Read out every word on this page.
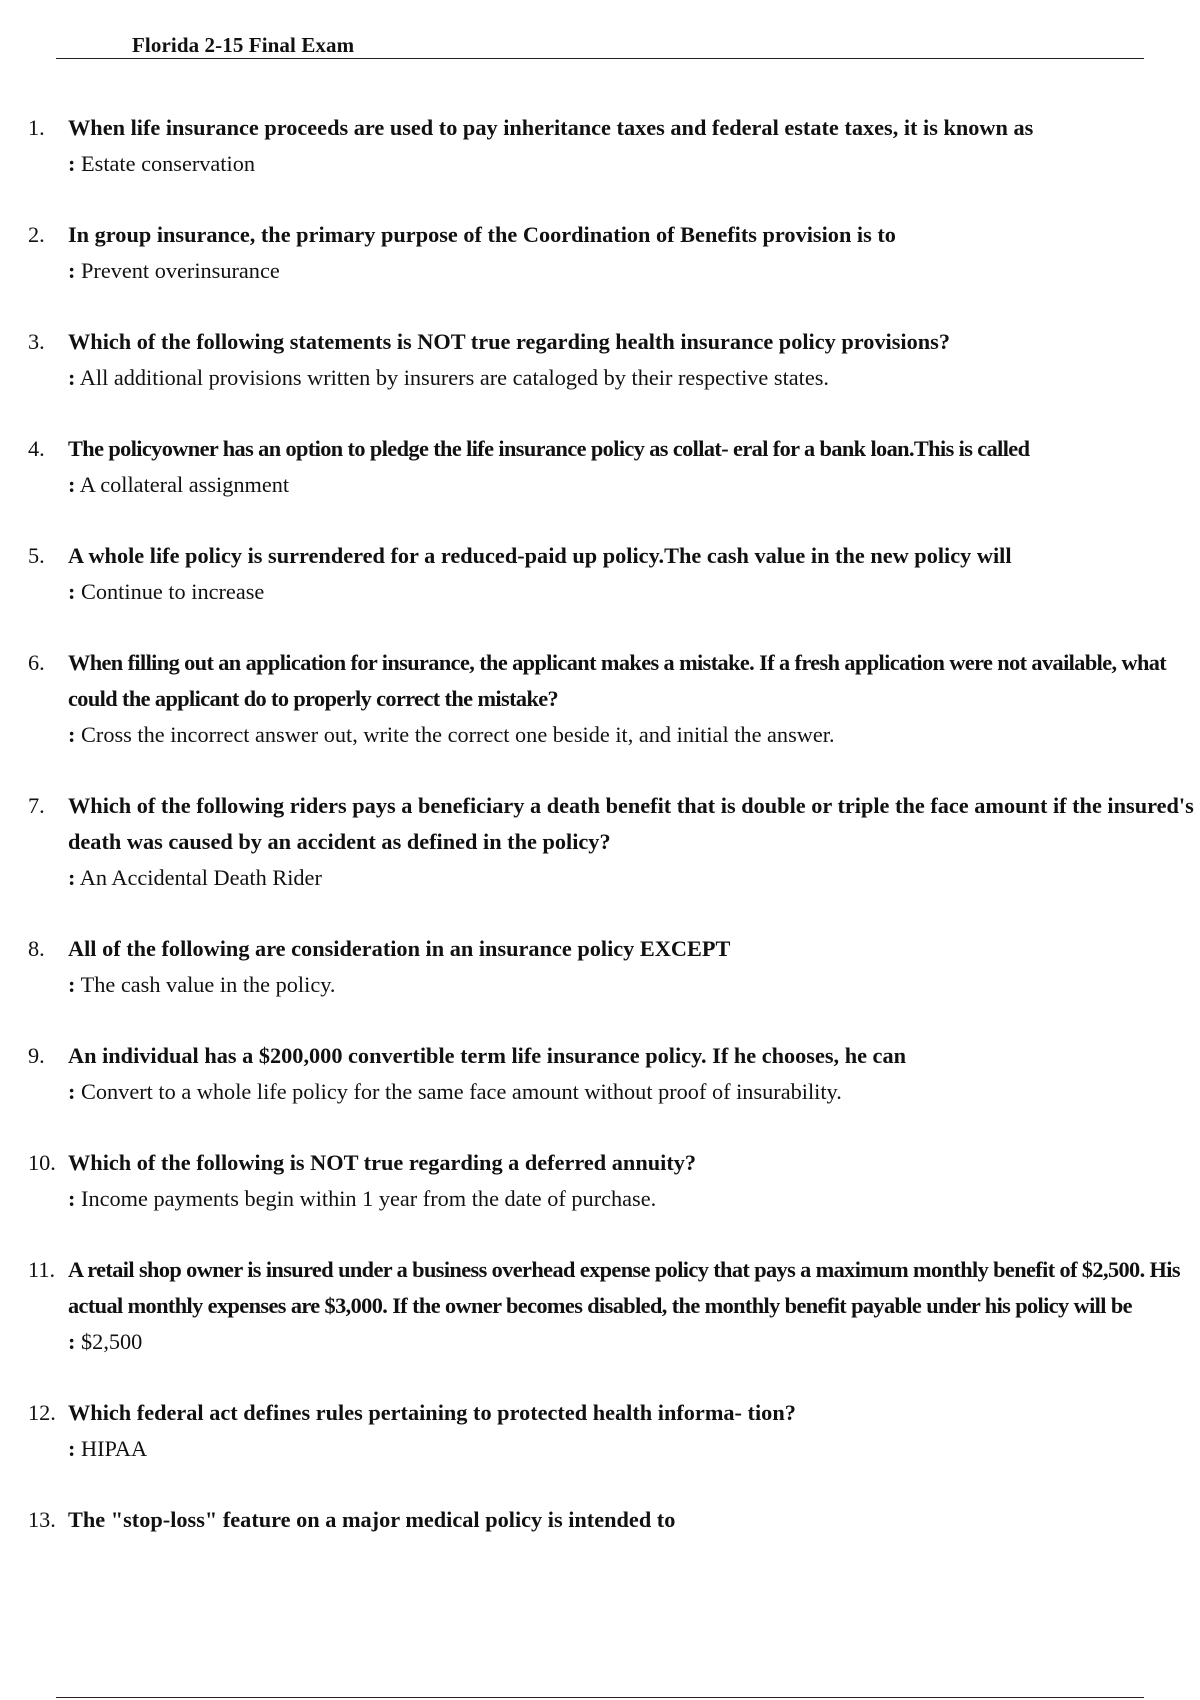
Florida 2-15 Final Exam
1. When life insurance proceeds are used to pay inheritance taxes and federal estate taxes, it is known as
: Estate conservation
2. In group insurance, the primary purpose of the Coordination of Benefits provision is to
: Prevent overinsurance
3. Which of the following statements is NOT true regarding health insurance policy provisions?
: All additional provisions written by insurers are cataloged by their respective states.
4. The policyowner has an option to pledge the life insurance policy as collat- eral for a bank loan.This is called
: A collateral assignment
5. A whole life policy is surrendered for a reduced-paid up policy.The cash value in the new policy will
: Continue to increase
6. When filling out an application for insurance, the applicant makes a mistake. If a fresh application were not available, what could the applicant do to properly correct the mistake?
: Cross the incorrect answer out, write the correct one beside it, and initial the answer.
7. Which of the following riders pays a beneficiary a death benefit that is double or triple the face amount if the insured's death was caused by an accident as defined in the policy?
: An Accidental Death Rider
8. All of the following are consideration in an insurance policy EXCEPT
: The cash value in the policy.
9. An individual has a $200,000 convertible term life insurance policy. If he chooses, he can
: Convert to a whole life policy for the same face amount without proof of insurability.
10. Which of the following is NOT true regarding a deferred annuity?
: Income payments begin within 1 year from the date of purchase.
11. A retail shop owner is insured under a business overhead expense policy that pays a maximum monthly benefit of $2,500. His actual monthly expenses are $3,000. If the owner becomes disabled, the monthly benefit payable under his policy will be
: $2,500
12. Which federal act defines rules pertaining to protected health informa- tion?
: HIPAA
13. The "stop-loss" feature on a major medical policy is intended to
